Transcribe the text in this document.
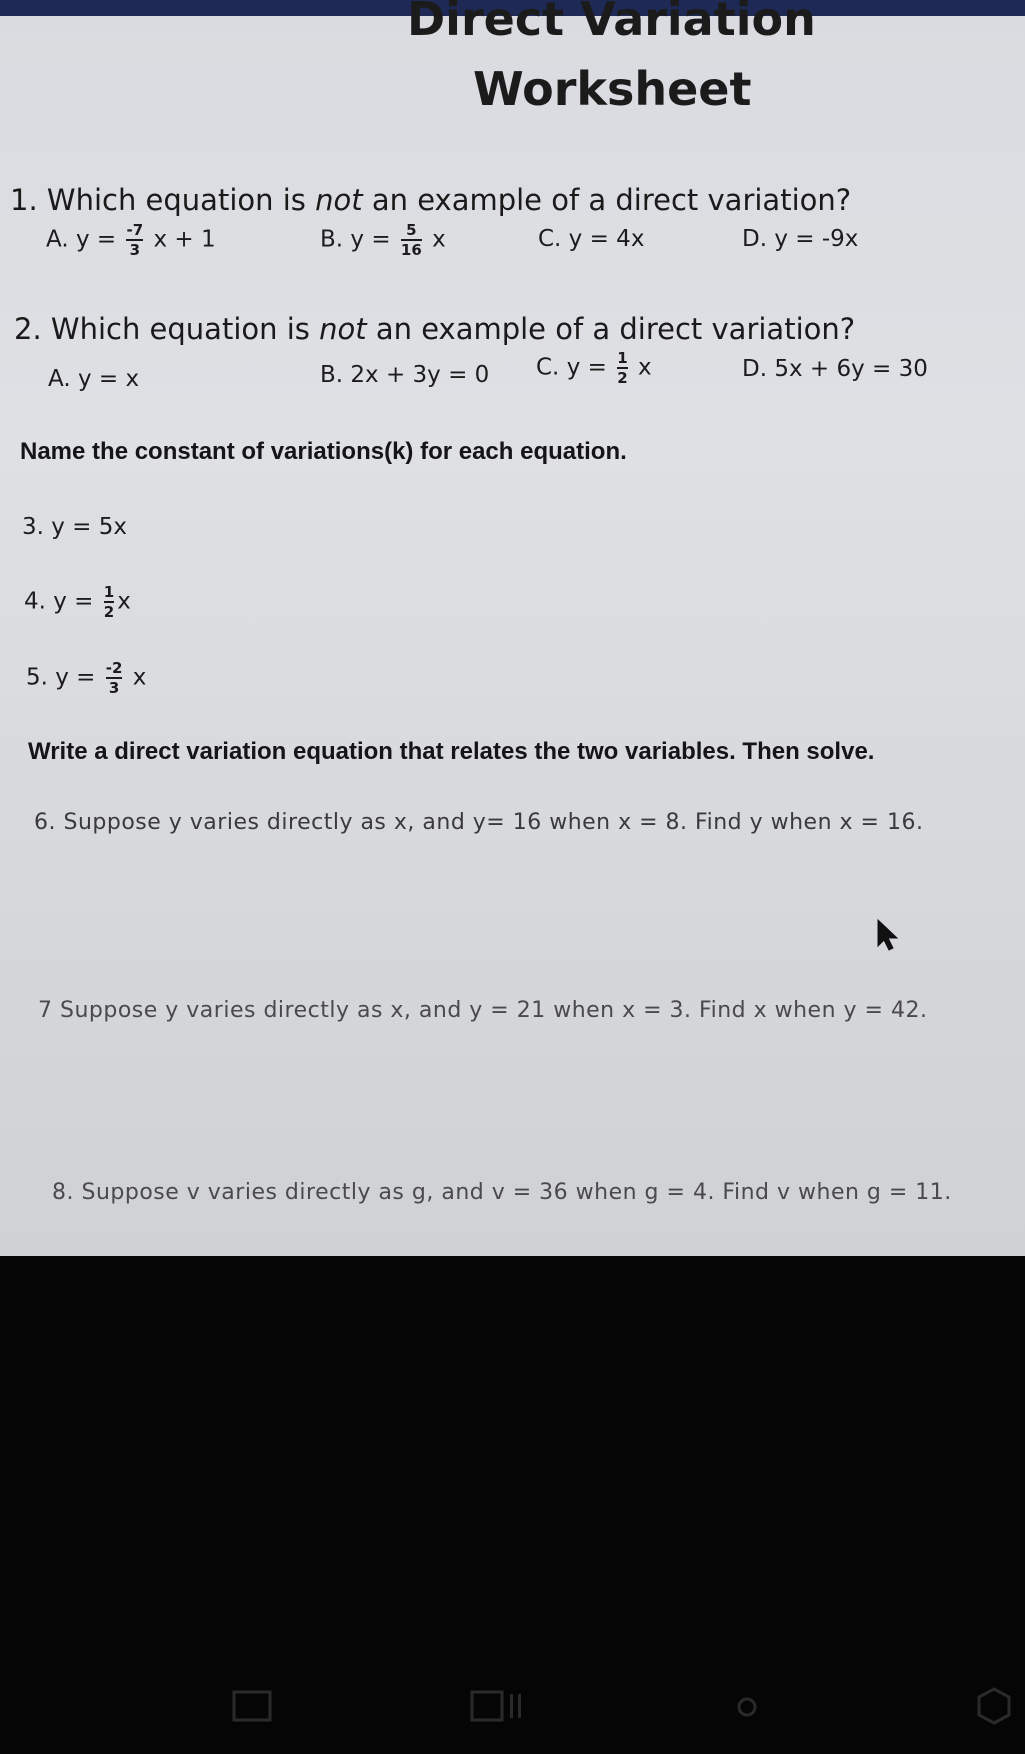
Direct Variation
Worksheet
1. Which equation is not an example of a direct variation?
A. $y = \frac{-7}{3}$ x + 1	B. $y = \frac{5}{16}$ x	C. y = 4x	D. y = -9x
2. Which equation is not an example of a direct variation?
A. y = x	B. 2x + 3y = 0 C. $y = \frac{1}{2}$ x	D. 5x + 6y = 30
Name the constant of variations(k) for each equation.
3. y = 5x
4. $y = \frac{1}{2}$ x
5. $y = \frac{-2}{3}$ x
Write a direct variation equation that relates the two variables. Then solve.
6. Suppose y varies directly as x, and y= 16 when x = 8. Find y when x = 16.
7 Suppose y varies directly as x, and y = 21 when x = 3. Find x when y = 42.
8. Suppose v varies directly as g, and v = 36 when g = 4. Find v when g = 11.
